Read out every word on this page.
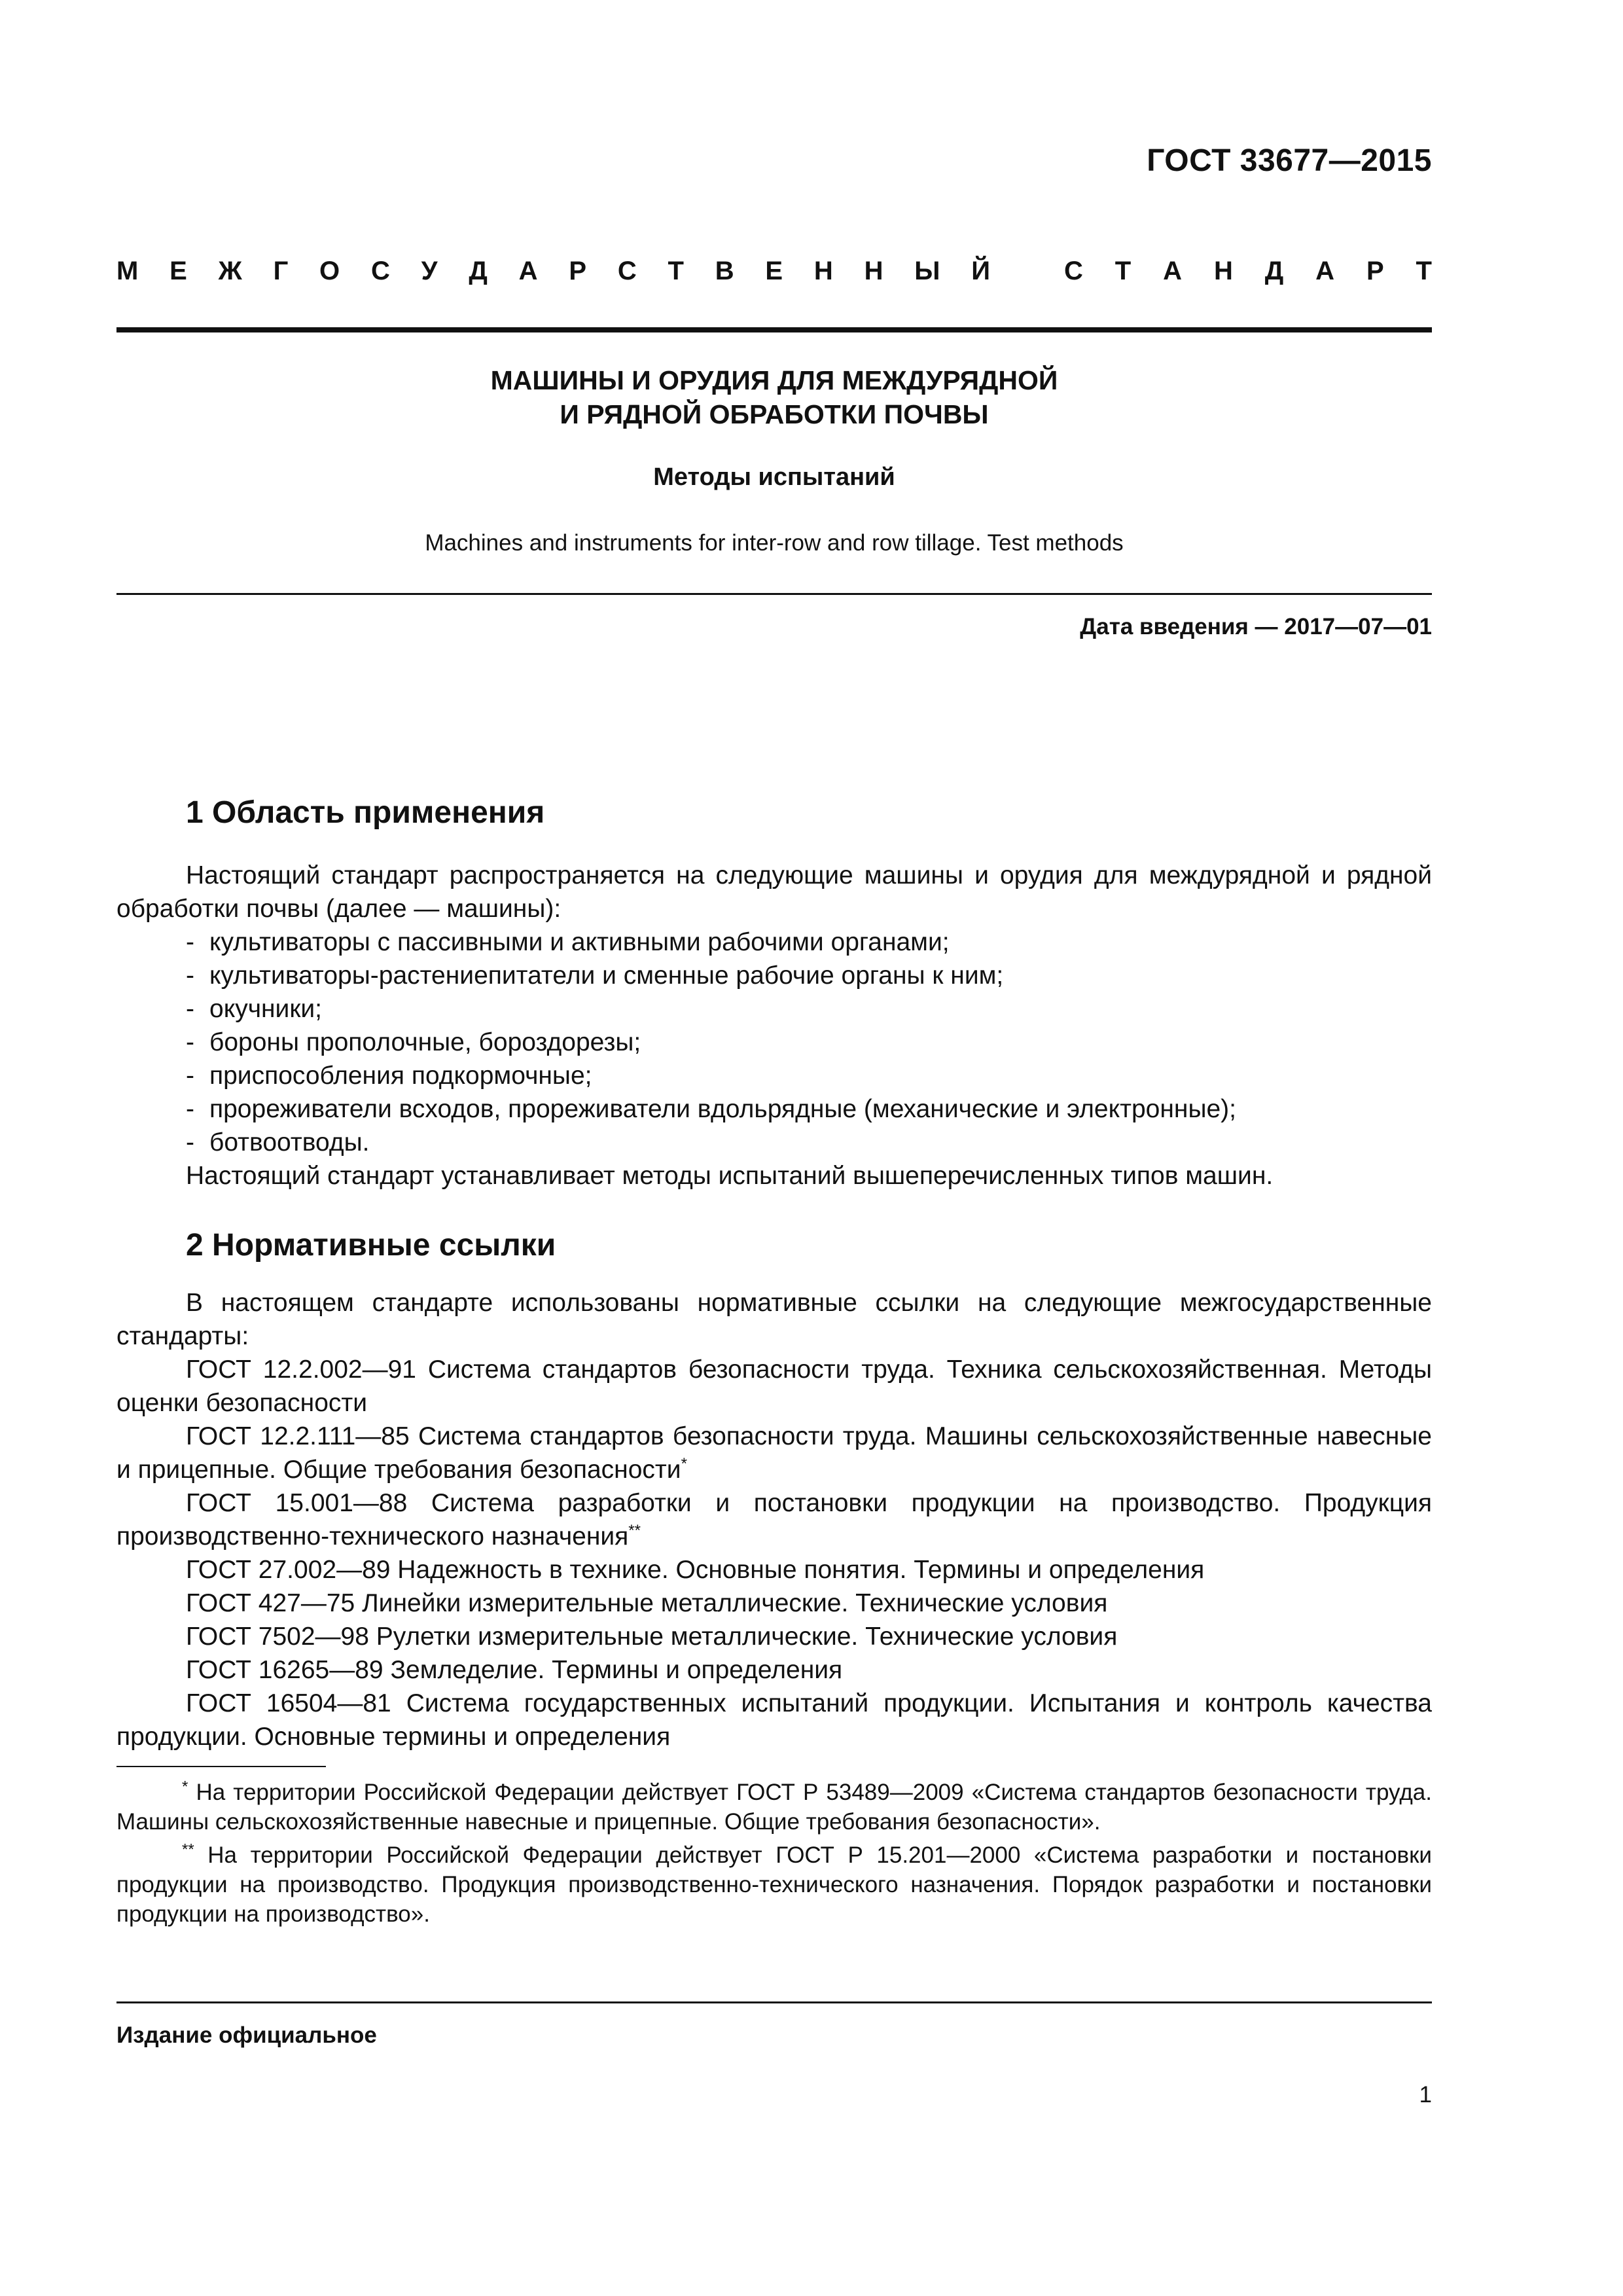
ГОСТ 33677—2015
М Е Ж Г О С У Д А Р С Т В Е Н Н Ы Й	С Т А Н Д А Р Т
МАШИНЫ И ОРУДИЯ ДЛЯ МЕЖДУРЯДНОЙ
И РЯДНОЙ ОБРАБОТКИ ПОЧВЫ
Методы испытаний
Machines and instruments for inter-row and row tillage. Test methods
Дата введения — 2017—07—01
1 Область применения

Настоящий стандарт распространяется на следующие машины и орудия для междурядной и рядной обработки почвы (далее — машины):

- культиваторы с пассивными и активными рабочими органами;

- культиваторы-растениепитатели и сменные рабочие органы к ним;

- окучники;

- бороны прополочные, бороздорезы;

- приспособления подкормочные;

- прореживатели всходов, прореживатели вдольрядные (механические и электронные);

- ботвоотводы.

Настоящий стандарт устанавливает методы испытаний вышеперечисленных типов машин.

2 Нормативные ссылки

В настоящем стандарте использованы нормативные ссылки на следующие межгосударственные стандарты:

ГОСТ 12.2.002—91 Система стандартов безопасности труда. Техника сельскохозяйственная. Методы оценки безопасности

ГОСТ 12.2.111—85 Система стандартов безопасности труда. Машины сельскохозяйственные навесные и прицепные. Общие требования безопасности*

ГОСТ 15.001—88 Система разработки и постановки продукции на производство. Продукция производственно-технического назначения**

ГОСТ 27.002—89 Надежность в технике. Основные понятия. Термины и определения

ГОСТ 427—75 Линейки измерительные металлические. Технические условия

ГОСТ 7502—98 Рулетки измерительные металлические. Технические условия

ГОСТ 16265—89 Земледелие. Термины и определения

ГОСТ 16504—81 Система государственных испытаний продукции. Испытания и контроль качества продукции. Основные термины и определения

* На территории Российской Федерации действует ГОСТ Р 53489—2009 «Система стандартов безопасности труда. Машины сельскохозяйственные навесные и прицепные. Общие требования безопасности».

** На территории Российской Федерации действует ГОСТ Р 15.201—2000 «Система разработки и постановки продукции на производство. Продукция производственно-технического назначения. Порядок разработки и постановки продукции на производство».

Издание официальное
1
